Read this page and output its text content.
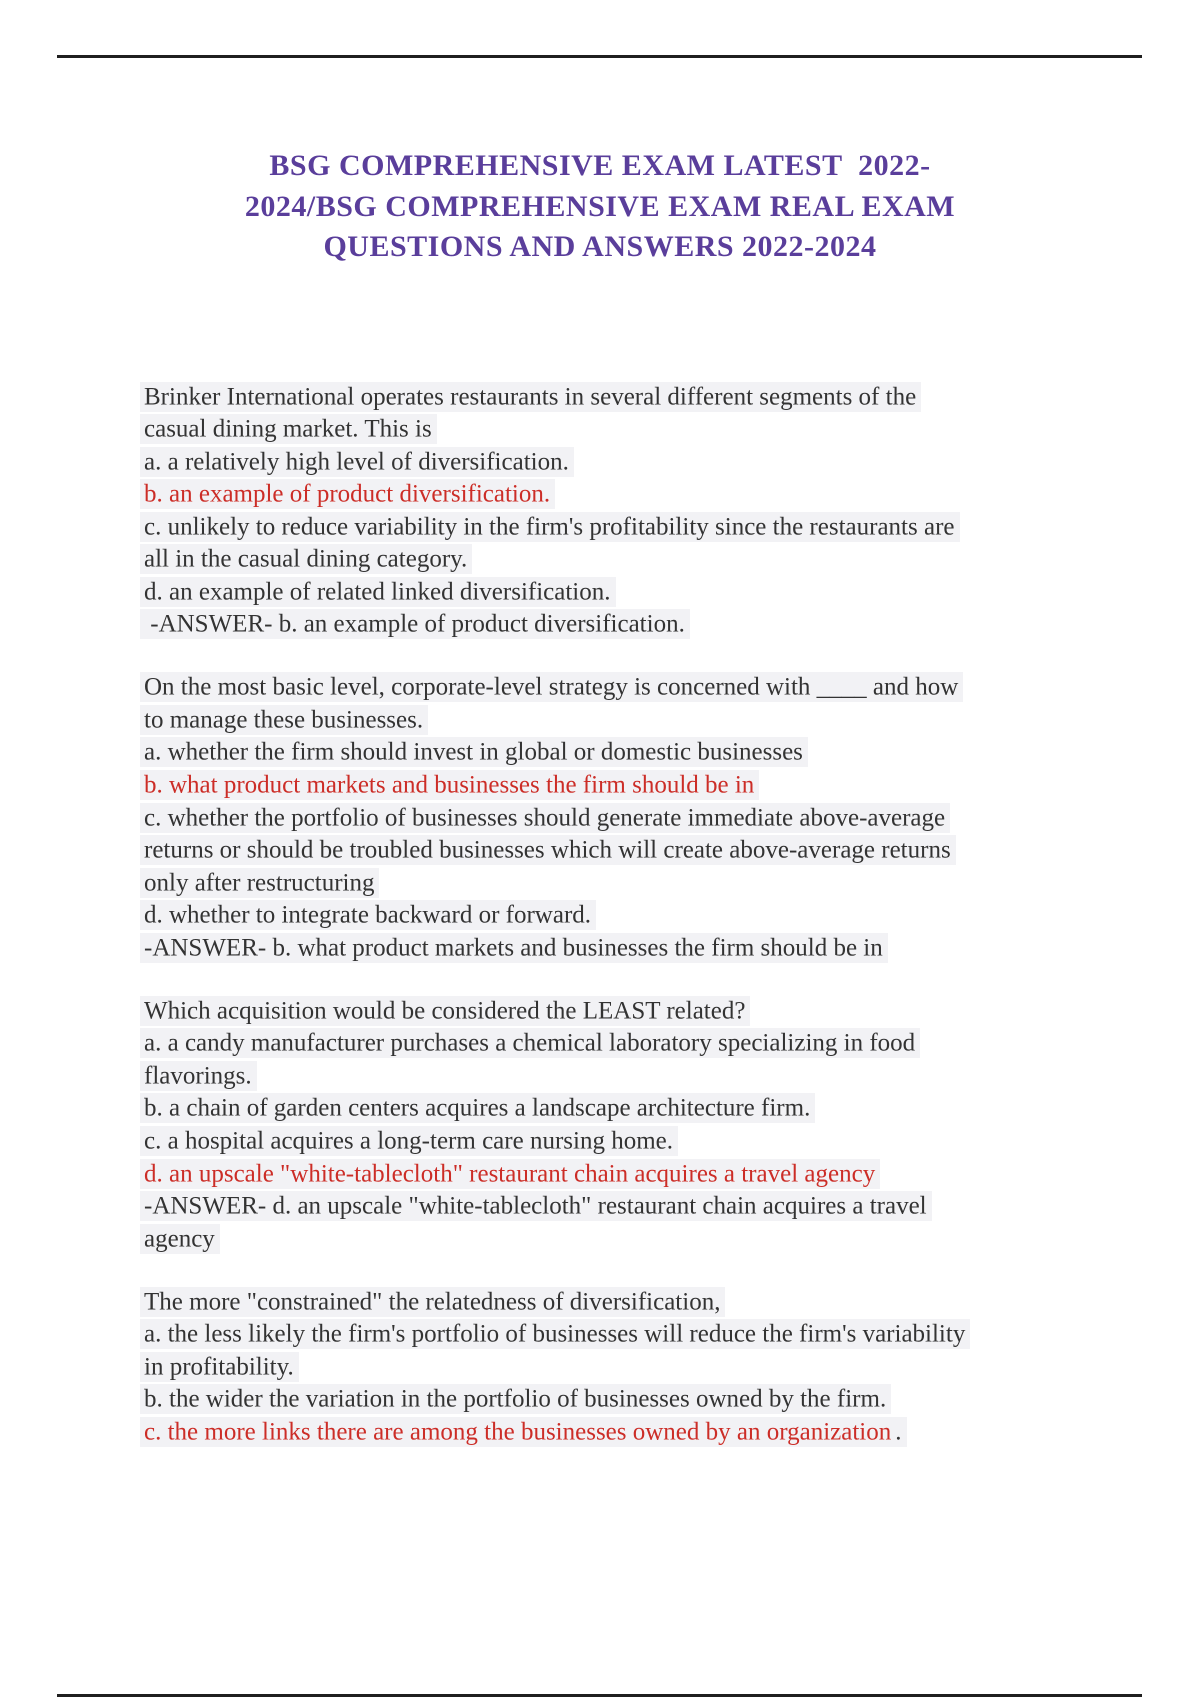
BSG COMPREHENSIVE EXAM LATEST  2022-
2024/BSG COMPREHENSIVE EXAM REAL EXAM
QUESTIONS AND ANSWERS 2022-2024
Brinker International operates restaurants in several different segments of the
casual dining market. This is
a. a relatively high level of diversification.
b. an example of product diversification.
c. unlikely to reduce variability in the firm's profitability since the restaurants are
all in the casual dining category.
d. an example of related linked diversification.
-ANSWER- b. an example of product diversification.
On the most basic level, corporate-level strategy is concerned with ____ and how
to manage these businesses.
a. whether the firm should invest in global or domestic businesses
b. what product markets and businesses the firm should be in
c. whether the portfolio of businesses should generate immediate above-average
returns or should be troubled businesses which will create above-average returns
only after restructuring
d. whether to integrate backward or forward.
-ANSWER- b. what product markets and businesses the firm should be in
Which acquisition would be considered the LEAST related?
a. a candy manufacturer purchases a chemical laboratory specializing in food
flavorings.
b. a chain of garden centers acquires a landscape architecture firm.
c. a hospital acquires a long-term care nursing home.
d. an upscale "white-tablecloth" restaurant chain acquires a travel agency
-ANSWER- d. an upscale "white-tablecloth" restaurant chain acquires a travel
agency
The more "constrained" the relatedness of diversification,
a. the less likely the firm's portfolio of businesses will reduce the firm's variability
in profitability.
b. the wider the variation in the portfolio of businesses owned by the firm.
c. the more links there are among the businesses owned by an organization .
